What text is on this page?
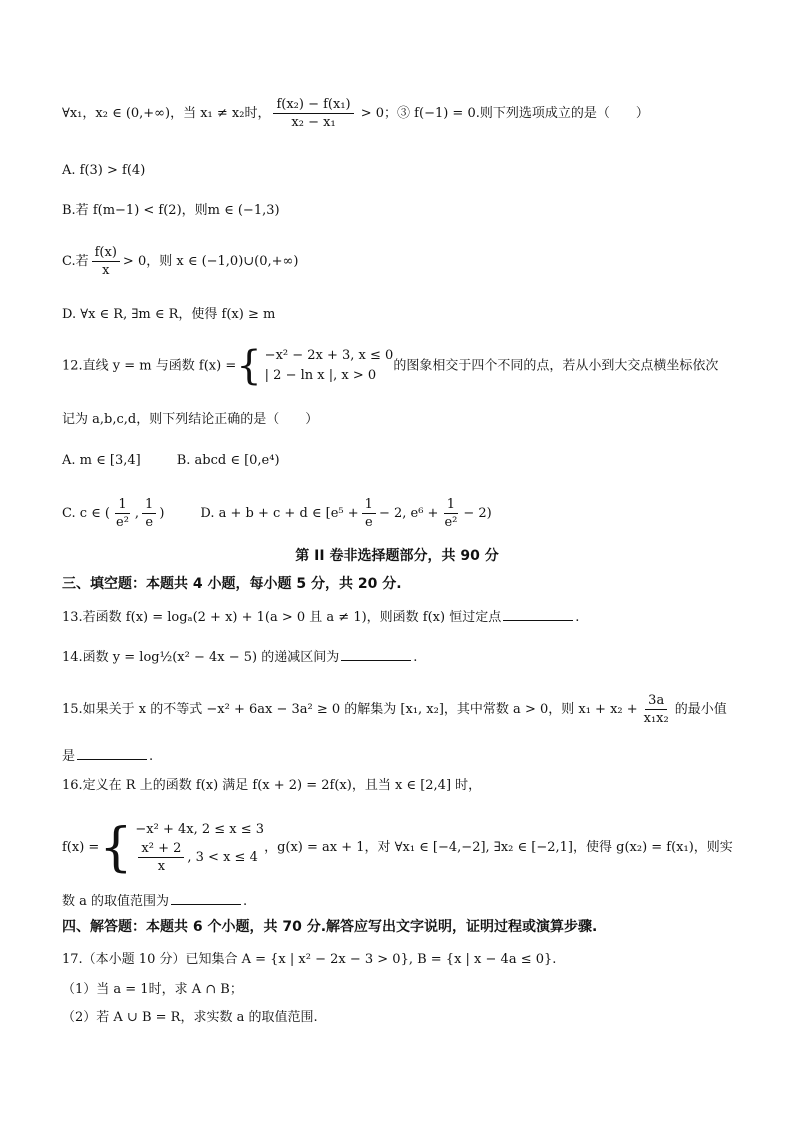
∀x₁，x₂ ∈ (0,+∞)，当 x₁ ≠ x₂时， $\frac{\text{f(x₂) − f(x₁)}}{\text{x₂ − x₁}} > 0$；③ f(−1) = 0.则下列选项成立的是（　　）
A. f(3) > f(4)
B.若 f(m−1) < f(2)，则m ∈ (−1,3)
C.若 $\frac{f(x)}{x} > 0$，则 x ∈ (−1,0)∪(0,+∞)
D. ∀x ∈ R, ∃m ∈ R，使得 f(x) ≥ m
12.直线 y = m 与函数 f(x) = { −x² − 2x + 3, x ≤ 0
| 2 − ln x |, x > 0
的图象相交于四个不同的点，若从小到大交点横坐标依次
记为 a,b,c,d，则下列结论正确的是（　　）
A. m ∈ [3,4]	B. abcd ∈ [0,e⁴)
C. c ∈ ( $\frac{1}{\text{e²}}$ , $\frac{1}{e}$ )	D. a + b + c + d ∈ [$e^5 + \frac{1}{e} - 2$, $e^6 + \frac{1}{\text{e²}} - 2$)
第 II 卷非选择题部分，共 90 分
三、填空题：本题共 4 小题，每小题 5 分，共 20 分.
13.若函数 f(x) = logₐ(2 + x) + 1(a > 0 且 a ≠ 1)，则函数 f(x) 恒过定点	.
14.函数 y = log½(x² − 4x − 5) 的递减区间为	.
15.如果关于 x 的不等式 −x² + 6ax − 3a² ≥ 0 的解集为 [x₁, x₂]，其中常数 a > 0，则 $x_1 + x_2 + \frac{3a}{\text{x₁x₂}}$ 的最小值
是	.
16.定义在 R 上的函数 f(x) 满足 f(x + 2) = 2f(x)，且当 x ∈ [2,4] 时，
f(x) = { −x² + 4x, 2 ≤ x ≤ 3
$\frac{\text{x² + 2}}{x}$ , 3 < x ≤ 4
，g(x) = ax + 1，对 ∀x₁ ∈ [−4,−2], ∃x₂ ∈ [−2,1]，使得 g(x₂) = f(x₁)，则实
数 a 的取值范围为	.
四、解答题：本题共 6 个小题，共 70 分.解答应写出文字说明，证明过程或演算步骤.
17.（本小题 10 分）已知集合 A = {x | x² − 2x − 3 > 0}, B = {x | x − 4a ≤ 0}.
（1）当 a = 1时，求 A ∩ B；
（2）若 A ∪ B = R，求实数 a 的取值范围.
